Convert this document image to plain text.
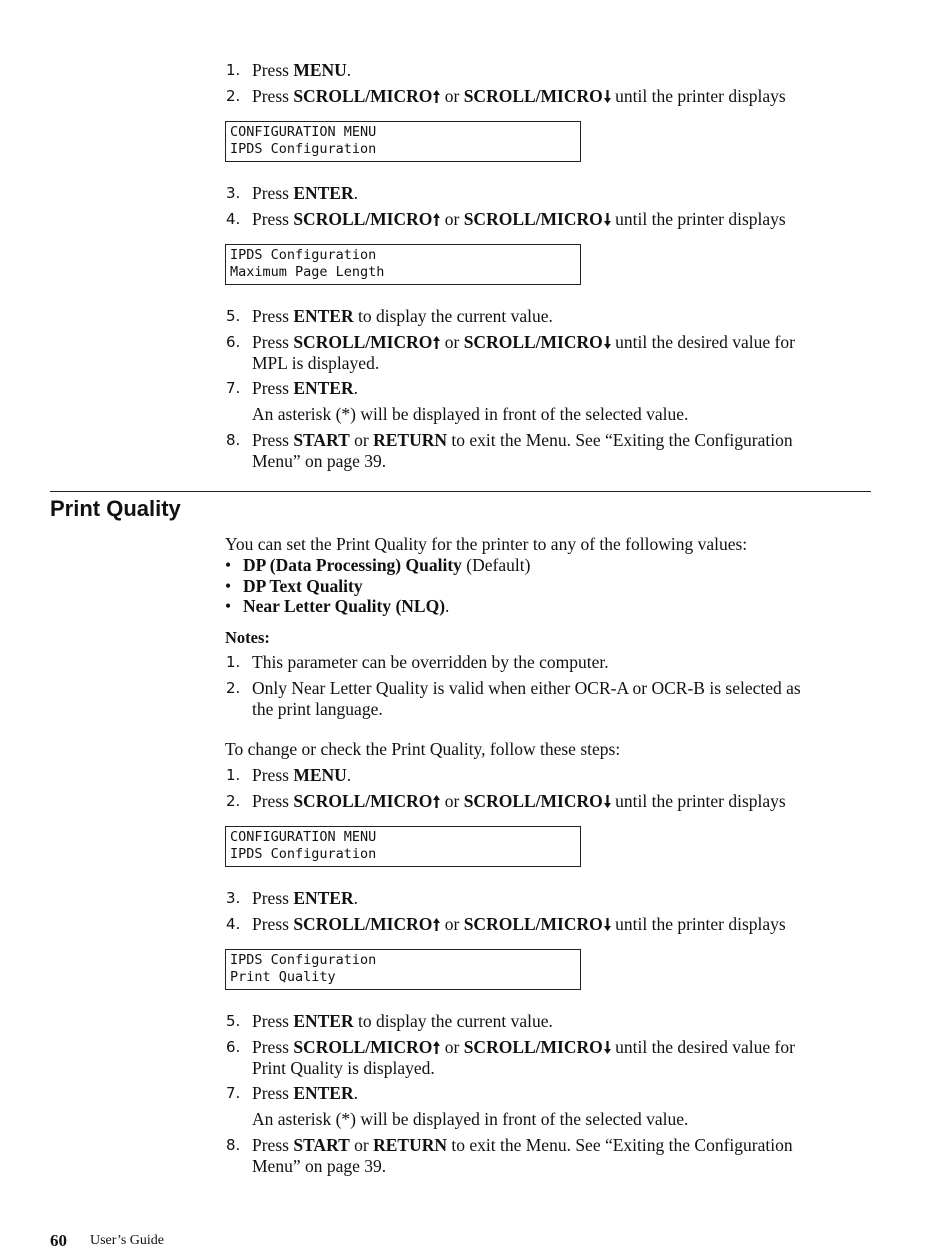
1. Press MENU.
2. Press SCROLL/MICRO or SCROLL/MICRO until the printer displays
CONFIGURATION MENU
IPDS Configuration
3. Press ENTER.
4. Press SCROLL/MICRO or SCROLL/MICRO until the printer displays
IPDS Configuration
Maximum Page Length
5. Press ENTER to display the current value.
6. Press SCROLL/MICRO or SCROLL/MICRO until the desired value for
MPL is displayed.
7. Press ENTER.
An asterisk (*) will be displayed in front of the selected value.
8. Press START or RETURN to exit the Menu. See “Exiting the Configuration
Menu” on page 39.
Print Quality
You can set the Print Quality for the printer to any of the following values:
• DP (Data Processing) Quality (Default)
• DP Text Quality
• Near Letter Quality (NLQ).
Notes:
1. This parameter can be overridden by the computer.
2. Only Near Letter Quality is valid when either OCR-A or OCR-B is selected as
the print language.
To change or check the Print Quality, follow these steps:
1. Press MENU.
2. Press SCROLL/MICRO or SCROLL/MICRO until the printer displays
CONFIGURATION MENU
IPDS Configuration
3. Press ENTER.
4. Press SCROLL/MICRO or SCROLL/MICRO until the printer displays
IPDS Configuration
Print Quality
5. Press ENTER to display the current value.
6. Press SCROLL/MICRO or SCROLL/MICRO until the desired value for
Print Quality is displayed.
7. Press ENTER.
An asterisk (*) will be displayed in front of the selected value.
8. Press START or RETURN to exit the Menu. See “Exiting the Configuration
Menu” on page 39.
60 User’s Guide
